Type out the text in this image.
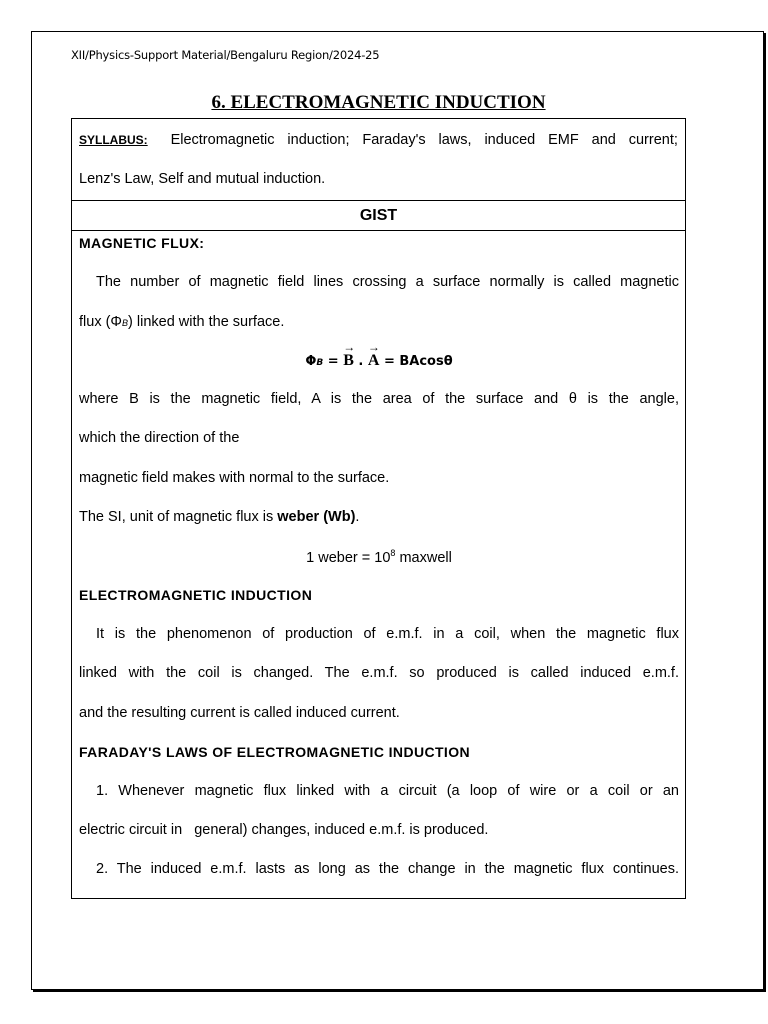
XII/Physics-Support Material/Bengaluru Region/2024-25
6. ELECTROMAGNETIC INDUCTION
SYLLABUS: Electromagnetic induction; Faraday's laws, induced EMF and current;
Lenz's Law, Self and mutual induction.
GIST
MAGNETIC FLUX:
The number of magnetic field lines crossing a surface normally is called magnetic
flux (ΦB) linked with the surface.
ΦB = → B . → A = BAcosθ
where B is the magnetic field, A is the area of the surface and θ is the angle,
which the direction of the
magnetic field makes with normal to the surface.
The SI, unit of magnetic flux is weber (Wb).
1 weber = $10^8$ maxwell
ELECTROMAGNETIC INDUCTION
It is the phenomenon of production of e.m.f. in a coil, when the magnetic flux
linked with the coil is changed. The e.m.f. so produced is called induced e.m.f.
and the resulting current is called induced current.
FARADAY'S LAWS OF ELECTROMAGNETIC INDUCTION
1. Whenever magnetic flux linked with a circuit (a loop of wire or a coil or an
electric circuit in   general) changes, induced e.m.f. is produced.
2. The induced e.m.f. lasts as long as the change in the magnetic flux continues.
